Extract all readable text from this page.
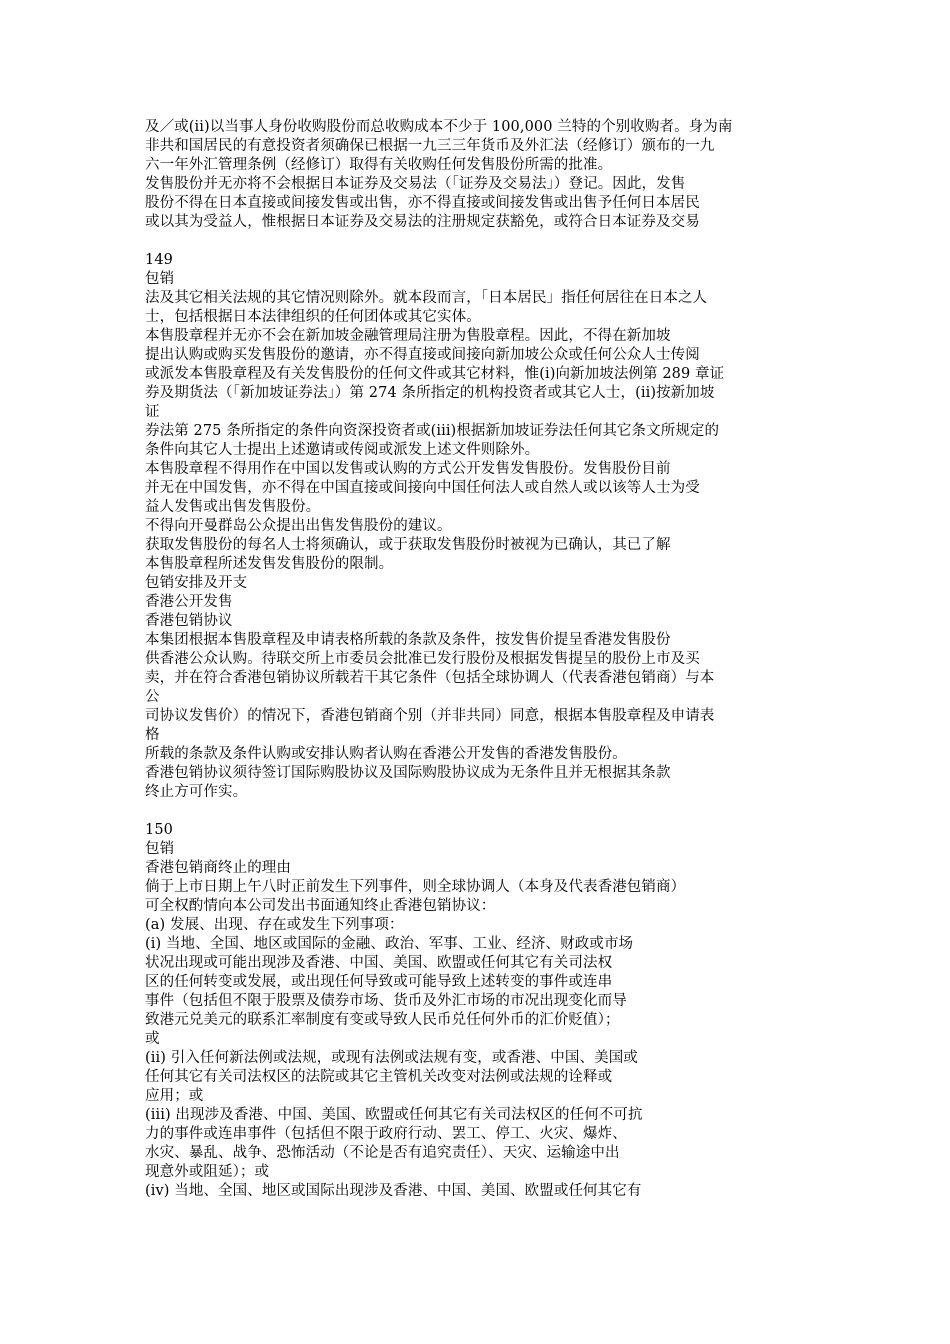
及／或(ii)以当事人身份收购股份而总收购成本不少于 100,000 兰特的个别收购者。身为南
非共和国居民的有意投资者须确保已根据一九三三年货币及外汇法（经修订）颁布的一九
六一年外汇管理条例（经修订）取得有关收购任何发售股份所需的批准。
发售股份并无亦将不会根据日本证券及交易法（「证券及交易法」）登记。因此，发售
股份不得在日本直接或间接发售或出售，亦不得直接或间接发售或出售予任何日本居民
或以其为受益人，惟根据日本证券及交易法的注册规定获豁免，或符合日本证券及交易
149
包销
法及其它相关法规的其它情况则除外。就本段而言，「日本居民」指任何居往在日本之人
士，包括根据日本法律组织的任何团体或其它实体。
本售股章程并无亦不会在新加坡金融管理局注册为售股章程。因此，不得在新加坡
提出认购或购买发售股份的邀请，亦不得直接或间接向新加坡公众或任何公众人士传阅
或派发本售股章程及有关发售股份的任何文件或其它材料，惟(i)向新加坡法例第 289 章证
券及期货法（「新加坡证券法」）第 274 条所指定的机构投资者或其它人士，(ii)按新加坡
证
券法第 275 条所指定的条件向资深投资者或(iii)根据新加坡证券法任何其它条文所规定的
条件向其它人士提出上述邀请或传阅或派发上述文件则除外。
本售股章程不得用作在中国以发售或认购的方式公开发售发售股份。发售股份目前
并无在中国发售，亦不得在中国直接或间接向中国任何法人或自然人或以该等人士为受
益人发售或出售发售股份。
不得向开曼群岛公众提出出售发售股份的建议。
获取发售股份的每名人士将须确认，或于获取发售股份时被视为已确认，其已了解
本售股章程所述发售发售股份的限制。
包销安排及开支
香港公开发售
香港包销协议
本集团根据本售股章程及申请表格所载的条款及条件，按发售价提呈香港发售股份
供香港公众认购。待联交所上市委员会批准已发行股份及根据发售提呈的股份上市及买
卖，并在符合香港包销协议所载若干其它条件（包括全球协调人（代表香港包销商）与本
公
司协议发售价）的情况下，香港包销商个别（并非共同）同意，根据本售股章程及申请表
格
所载的条款及条件认购或安排认购者认购在香港公开发售的香港发售股份。
香港包销协议须待签订国际购股协议及国际购股协议成为无条件且并无根据其条款
终止方可作实。
150
包销
香港包销商终止的理由
倘于上市日期上午八时正前发生下列事件，则全球协调人（本身及代表香港包销商）
可全权酌情向本公司发出书面通知终止香港包销协议：
(a) 发展、出现、存在或发生下列事项：
(i) 当地、全国、地区或国际的金融、政治、军事、工业、经济、财政或市场
状况出现或可能出现涉及香港、中国、美国、欧盟或任何其它有关司法权
区的任何转变或发展，或出现任何导致或可能导致上述转变的事件或连串
事件（包括但不限于股票及债券市场、货币及外汇市场的市况出现变化而导
致港元兑美元的联系汇率制度有变或导致人民币兑任何外币的汇价贬值）；
或
(ii) 引入任何新法例或法规，或现有法例或法规有变，或香港、中国、美国或
任何其它有关司法权区的法院或其它主管机关改变对法例或法规的诠释或
应用；或
(iii) 出现涉及香港、中国、美国、欧盟或任何其它有关司法权区的任何不可抗
力的事件或连串事件（包括但不限于政府行动、罢工、停工、火灾、爆炸、
水灾、暴乱、战争、恐怖活动（不论是否有追究责任）、天灾、运输途中出
现意外或阻延）；或
(iv) 当地、全国、地区或国际出现涉及香港、中国、美国、欧盟或任何其它有
